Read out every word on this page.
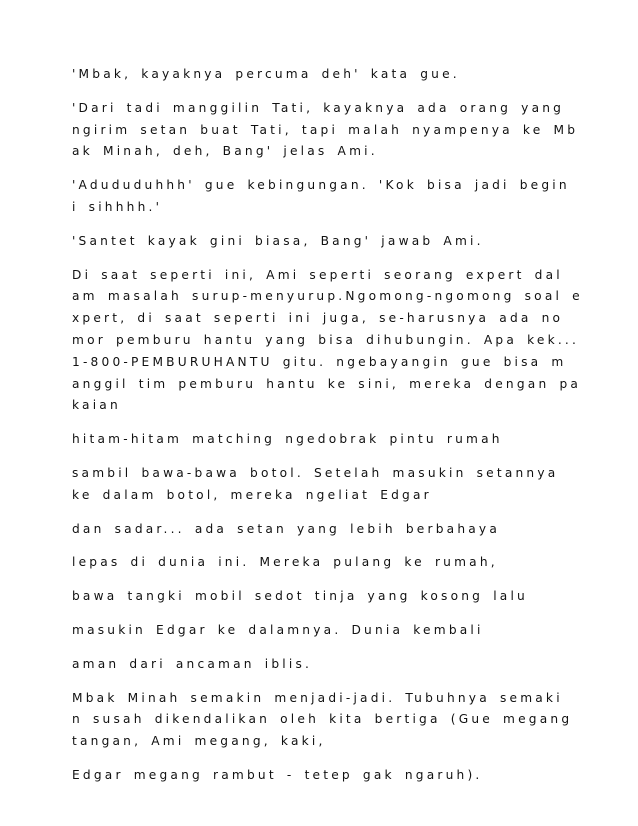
'Mbak, kayaknya percuma deh' kata gue.
'Dari tadi manggilin Tati, kayaknya ada orang yang
ngirim setan buat Tati, tapi malah nyampenya ke Mb
ak Minah, deh, Bang' jelas Ami.
'Adududuhhh' gue kebingungan. 'Kok bisa jadi begin
i sihhhh.'
'Santet kayak gini biasa, Bang' jawab Ami.
Di saat seperti ini, Ami seperti seorang expert dal
am masalah surup-menyurup.Ngomong-ngomong soal e
xpert, di saat seperti ini juga, se-harusnya ada no
mor pemburu hantu yang bisa dihubungin. Apa kek...
1-800-PEMBURUHANTU gitu. ngebayangin gue bisa m
anggil tim pemburu hantu ke sini, mereka dengan pa
kaian
hitam-hitam matching ngedobrak pintu rumah
sambil bawa-bawa botol. Setelah masukin setannya
ke dalam botol, mereka ngeliat Edgar
dan sadar... ada setan yang lebih berbahaya
lepas di dunia ini. Mereka pulang ke rumah,
bawa tangki mobil sedot tinja yang kosong lalu
masukin Edgar ke dalamnya. Dunia kembali
aman dari ancaman iblis.
Mbak Minah semakin menjadi-jadi. Tubuhnya semaki
n susah dikendalikan oleh kita bertiga (Gue megang
tangan, Ami megang, kaki,
Edgar megang rambut - tetep gak ngaruh).
